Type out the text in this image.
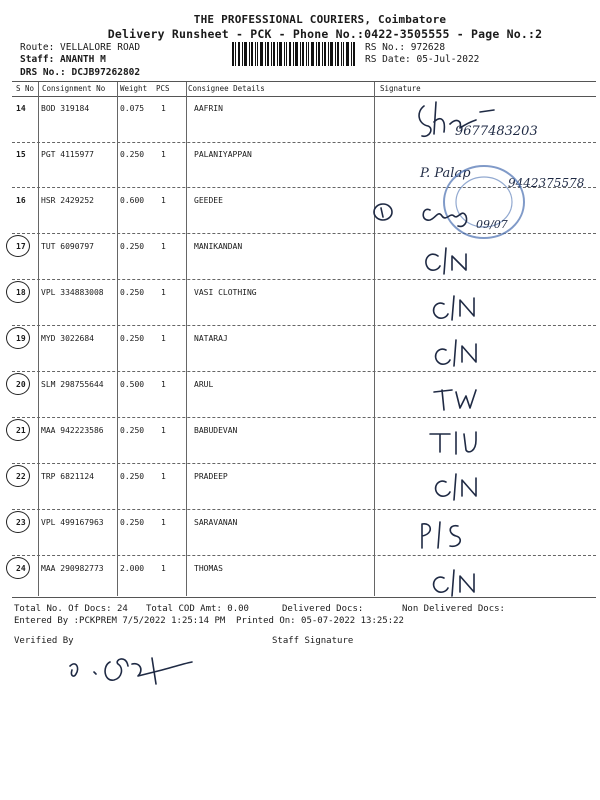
THE PROFESSIONAL COURIERS, Coimbatore
Delivery Runsheet - PCK - Phone No.:0422-3505555 - Page No.:2
Route: VELLALORE ROAD
Staff: ANANTH M
DRS No.: DCJB97262802
RS No.: 972628
RS Date: 05-Jul-2022
S No Consignment No Weight PCS Consignee Details	Signature
14 BOD 319184	0.075 1	AAFRIN
15 PGT 4115977	0.250 1	PALANIYAPPAN
16 HSR 2429252	0.600 1	GEEDEE
17 TUT 6090797	0.250 1	MANIKANDAN
18 VPL 334883008 0.250 1	VASI CLOTHING
19 MYD 3022684	0.250 1	NATARAJ
20 SLM 298755644 0.500 1	ARUL
21 MAA 942223586 0.250 1	BABUDEVAN
22 TRP 6821124	0.250 1	PRADEEP
23 VPL 499167963 0.250 1	SARAVANAN
24 MAA 290982773 2.000 1	THOMAS
9677483203
P. Palap
9442375578
09/07
Total No. Of Docs: 24 Total COD Amt: 0.00	Delivered Docs:	Non Delivered Docs:
Entered By :PCKPREM 7/5/2022 1:25:14 PM Printed On: 05-07-2022 13:25:22
Verified By	Staff Signature
